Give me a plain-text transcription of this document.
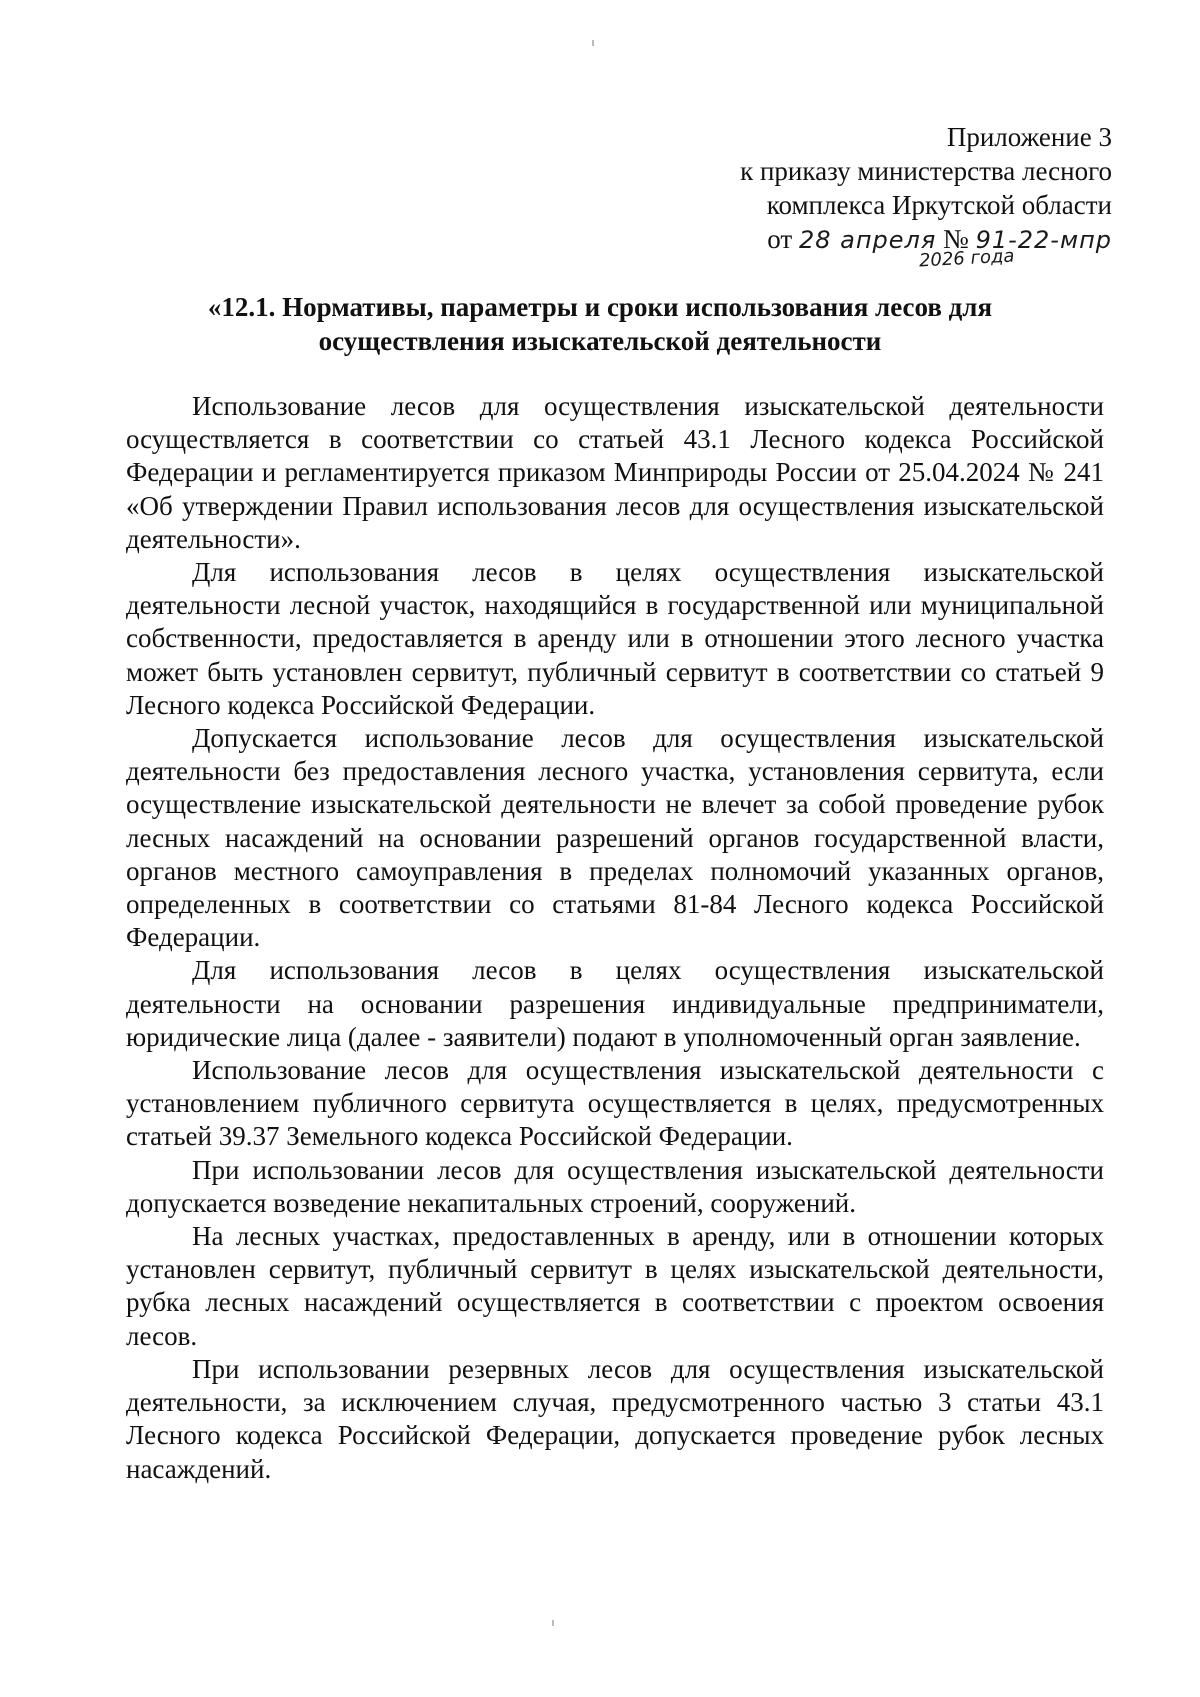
Приложение 3
к приказу министерства лесного
комплекса Иркутской области
от 28 апреля № 91-22-мпр
2026 года
«12.1. Нормативы, параметры и сроки использования лесов для осуществления изыскательской деятельности

Использование лесов для осуществления изыскательской деятельности осуществляется в соответствии со статьей 43.1 Лесного кодекса Российской Федерации и регламентируется приказом Минприроды России от 25.04.2024 № 241 «Об утверждении Правил использования лесов для осуществления изыскательской деятельности».

Для использования лесов в целях осуществления изыскательской деятельности лесной участок, находящийся в государственной или муниципальной собственности, предоставляется в аренду или в отношении этого лесного участка может быть установлен сервитут, публичный сервитут в соответствии со статьей 9 Лесного кодекса Российской Федерации.

Допускается использование лесов для осуществления изыскательской деятельности без предоставления лесного участка, установления сервитута, если осуществление изыскательской деятельности не влечет за собой проведение рубок лесных насаждений на основании разрешений органов государственной власти, органов местного самоуправления в пределах полномочий указанных органов, определенных в соответствии со статьями 81-84 Лесного кодекса Российской Федерации.

Для использования лесов в целях осуществления изыскательской деятельности на основании разрешения индивидуальные предприниматели, юридические лица (далее - заявители) подают в уполномоченный орган заявление.

Использование лесов для осуществления изыскательской деятельности с установлением публичного сервитута осуществляется в целях, предусмотренных статьей 39.37 Земельного кодекса Российской Федерации.

При использовании лесов для осуществления изыскательской деятельности допускается возведение некапитальных строений, сооружений.

На лесных участках, предоставленных в аренду, или в отношении которых установлен сервитут, публичный сервитут в целях изыскательской деятельности, рубка лесных насаждений осуществляется в соответствии с проектом освоения лесов.

При использовании резервных лесов для осуществления изыскательской деятельности, за исключением случая, предусмотренного частью 3 статьи 43.1 Лесного кодекса Российской Федерации, допускается проведение рубок лесных насаждений.
